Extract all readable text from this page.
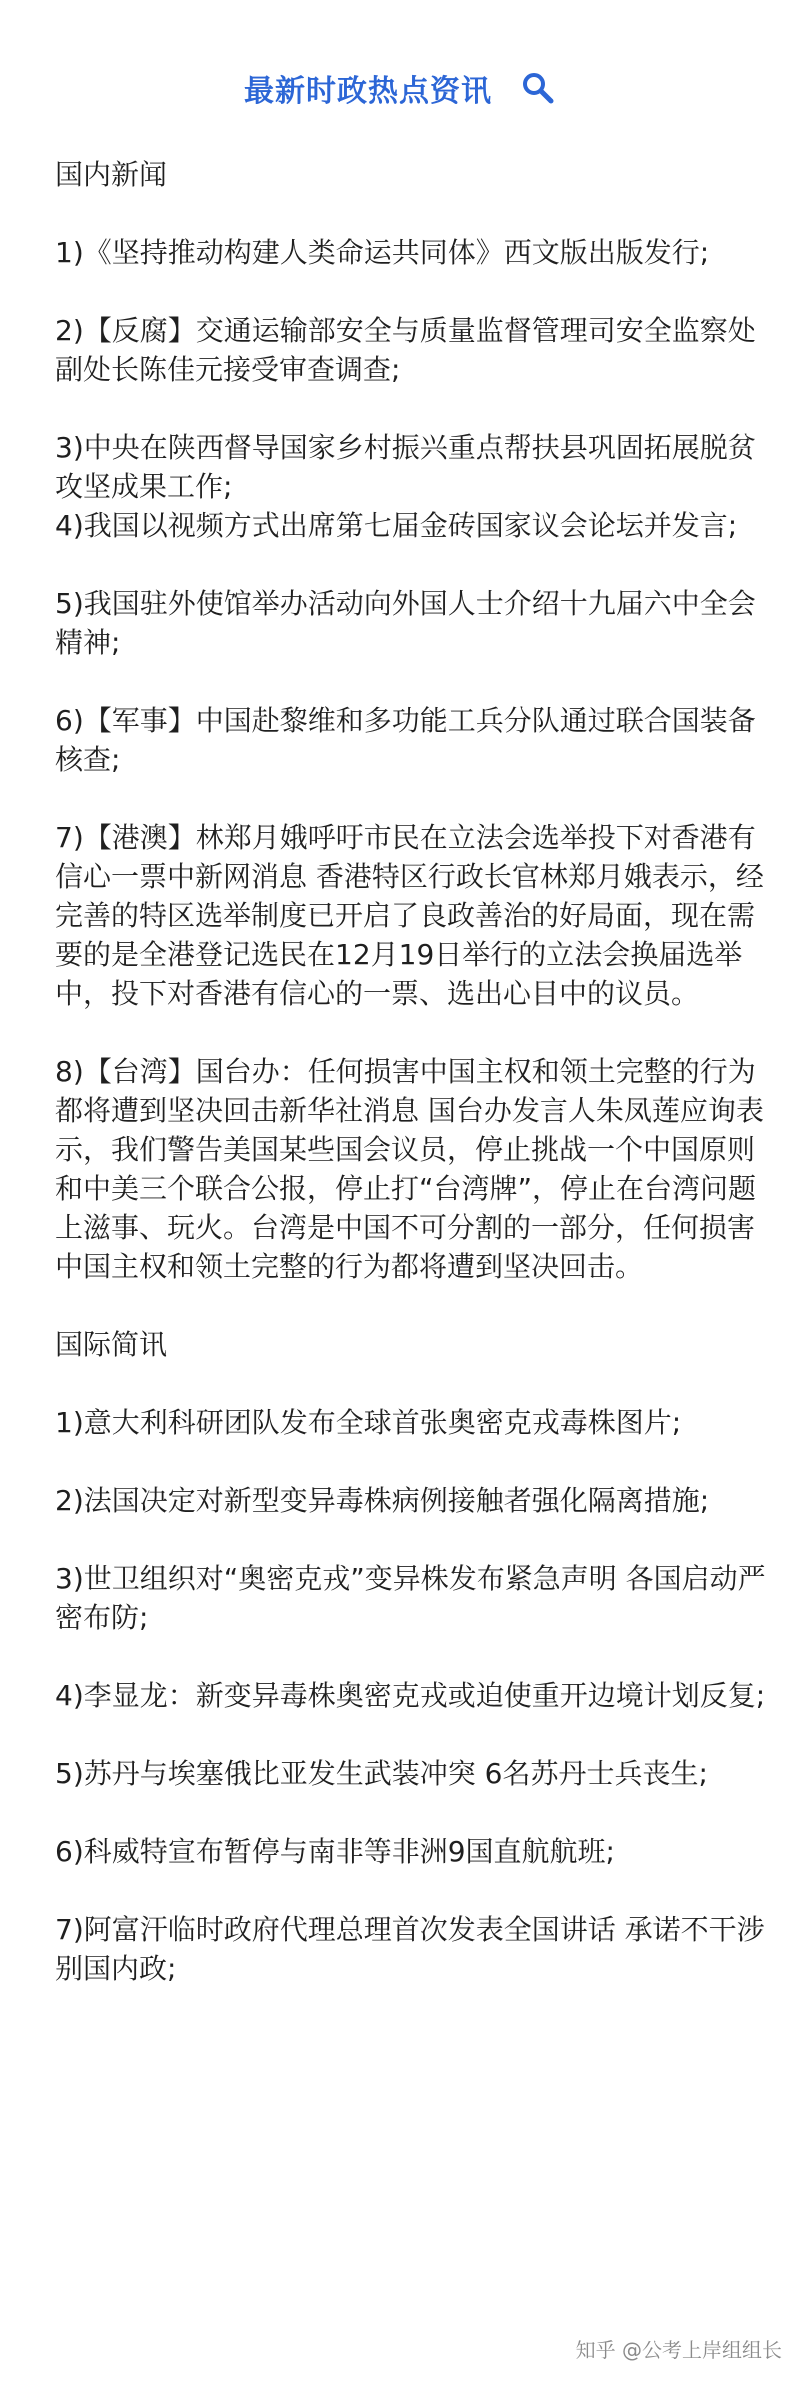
最新时政热点资讯
国内新闻
1)《坚持推动构建人类命运共同体》西文版出版发行;
2)【反腐】交通运输部安全与质量监督管理司安全监察处副处长陈佳元接受审查调查;
3)中央在陕西督导国家乡村振兴重点帮扶县巩固拓展脱贫攻坚成果工作;
4)我国以视频方式出席第七届金砖国家议会论坛并发言;
5)我国驻外使馆举办活动向外国人士介绍十九届六中全会精神;
6)【军事】中国赴黎维和多功能工兵分队通过联合国装备核查;
7)【港澳】林郑月娥呼吁市民在立法会选举投下对香港有信心一票中新网消息 香港特区行政长官林郑月娥表示，经完善的特区选举制度已开启了良政善治的好局面，现在需要的是全港登记选民在12月19日举行的立法会换届选举中，投下对香港有信心的一票、选出心目中的议员。
8)【台湾】国台办：任何损害中国主权和领土完整的行为都将遭到坚决回击新华社消息 国台办发言人朱凤莲应询表示，我们警告美国某些国会议员，停止挑战一个中国原则和中美三个联合公报，停止打“台湾牌”，停止在台湾问题上滋事、玩火。台湾是中国不可分割的一部分，任何损害中国主权和领土完整的行为都将遭到坚决回击。
国际简讯
1)意大利科研团队发布全球首张奥密克戎毒株图片;
2)法国决定对新型变异毒株病例接触者强化隔离措施;
3)世卫组织对“奥密克戎”变异株发布紧急声明 各国启动严密布防;
4)李显龙：新变异毒株奥密克戎或迫使重开边境计划反复;
5)苏丹与埃塞俄比亚发生武装冲突 6名苏丹士兵丧生;
6)科威特宣布暂停与南非等非洲9国直航航班;
7)阿富汗临时政府代理总理首次发表全国讲话 承诺不干涉别国内政;
知乎 @公考上岸组组长
